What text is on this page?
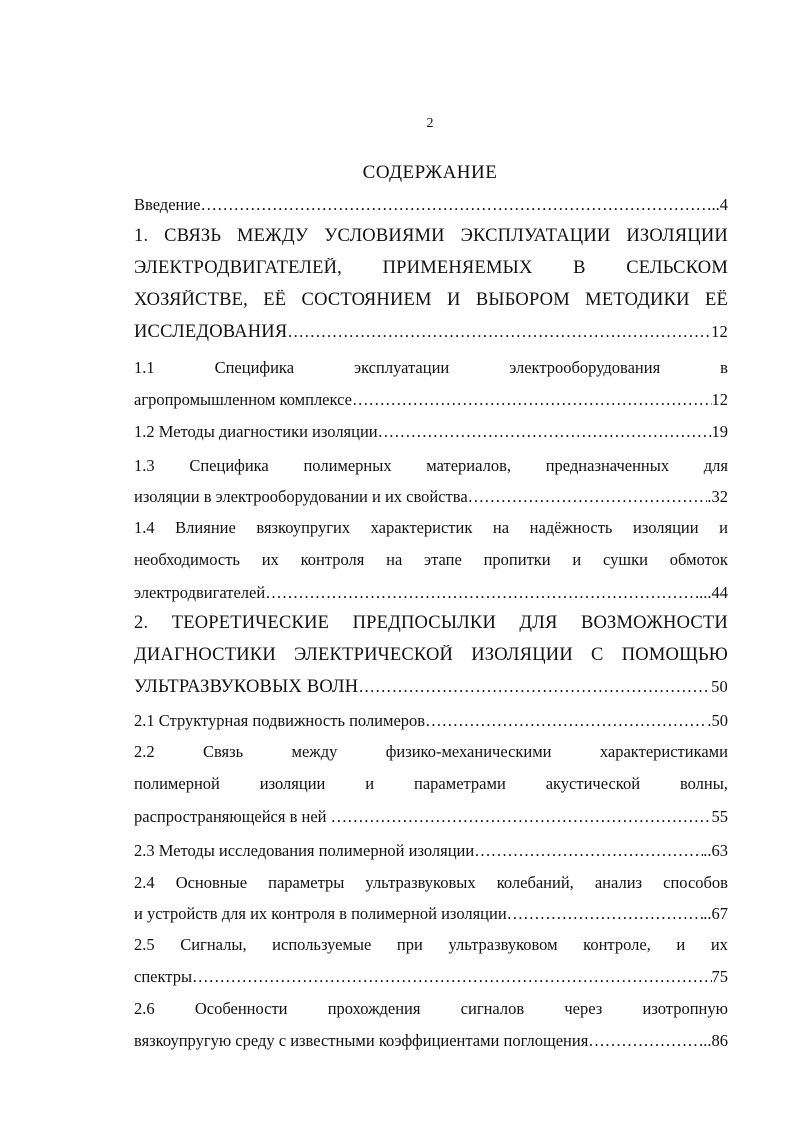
2
СОДЕРЖАНИЕ
Введение ………………………………………………………………………………………………………………………………………………	..4
1. СВЯЗЬ МЕЖДУ УСЛОВИЯМИ ЭКСПЛУАТАЦИИ ИЗОЛЯЦИИ
ЭЛЕКТРОДВИГАТЕЛЕЙ, ПРИМЕНЯЕМЫХ В СЕЛЬСКОМ
ХОЗЯЙСТВЕ, ЕЁ СОСТОЯНИЕМ И ВЫБОРОМ МЕТОДИКИ ЕЁ
ИССЛЕДОВАНИЯ ………………………………………………………………………………………………………………………………………………	12
1.1	Специфика	эксплуатации	электрооборудования	в
агропромышленном комплексе ………………………………………………………………………………………………………………………………………………	12
1.2 Методы диагностики изоляции ………………………………………………………………………………………………………………………………………………	19
1.3 Специфика полимерных материалов, предназначенных для
изоляции в электрооборудовании и их свойства ………………………………………………………………………………………………………………………………………………	.32
1.4 Влияние вязкоупругих характеристик на надёжность изоляции и
необходимость их контроля на этапе пропитки и сушки обмоток
электродвигателей ………………………………………………………………………………………………………………………………………………	....44
2. ТЕОРЕТИЧЕСКИЕ ПРЕДПОСЫЛКИ ДЛЯ ВОЗМОЖНОСТИ
ДИАГНОСТИКИ ЭЛЕКТРИЧЕСКОЙ ИЗОЛЯЦИИ С ПОМОЩЬЮ
УЛЬТРАЗВУКОВЫХ ВОЛН ………………………………………………………………………………………………………………………………………………	50
2.1 Структурная подвижность полимеров ………………………………………………………………………………………………………………………………………………	.50
2.2	Связь	между	физико-механическими	характеристиками
полимерной изоляции и параметрами акустической волны,
распространяющейся в ней ………………………………………………………………………………………………………………………………………………	55
2.3 Методы исследования полимерной изоляции ………………………………………………………………………………………………………………………………………………	..63
2.4 Основные параметры ультразвуковых колебаний, анализ способов
и устройств для их контроля в полимерной изоляции ………………………………………………………………………………………………………………………………………………	..67
2.5 Сигналы, используемые при ультразвуковом контроле, и их
спектры ………………………………………………………………………………………………………………………………………………	75
2.6 Особенности прохождения сигналов через изотропную
вязкоупругую среду с известными коэффициентами поглощения ………………………………………………………………………………………………………………………………………………	..86
